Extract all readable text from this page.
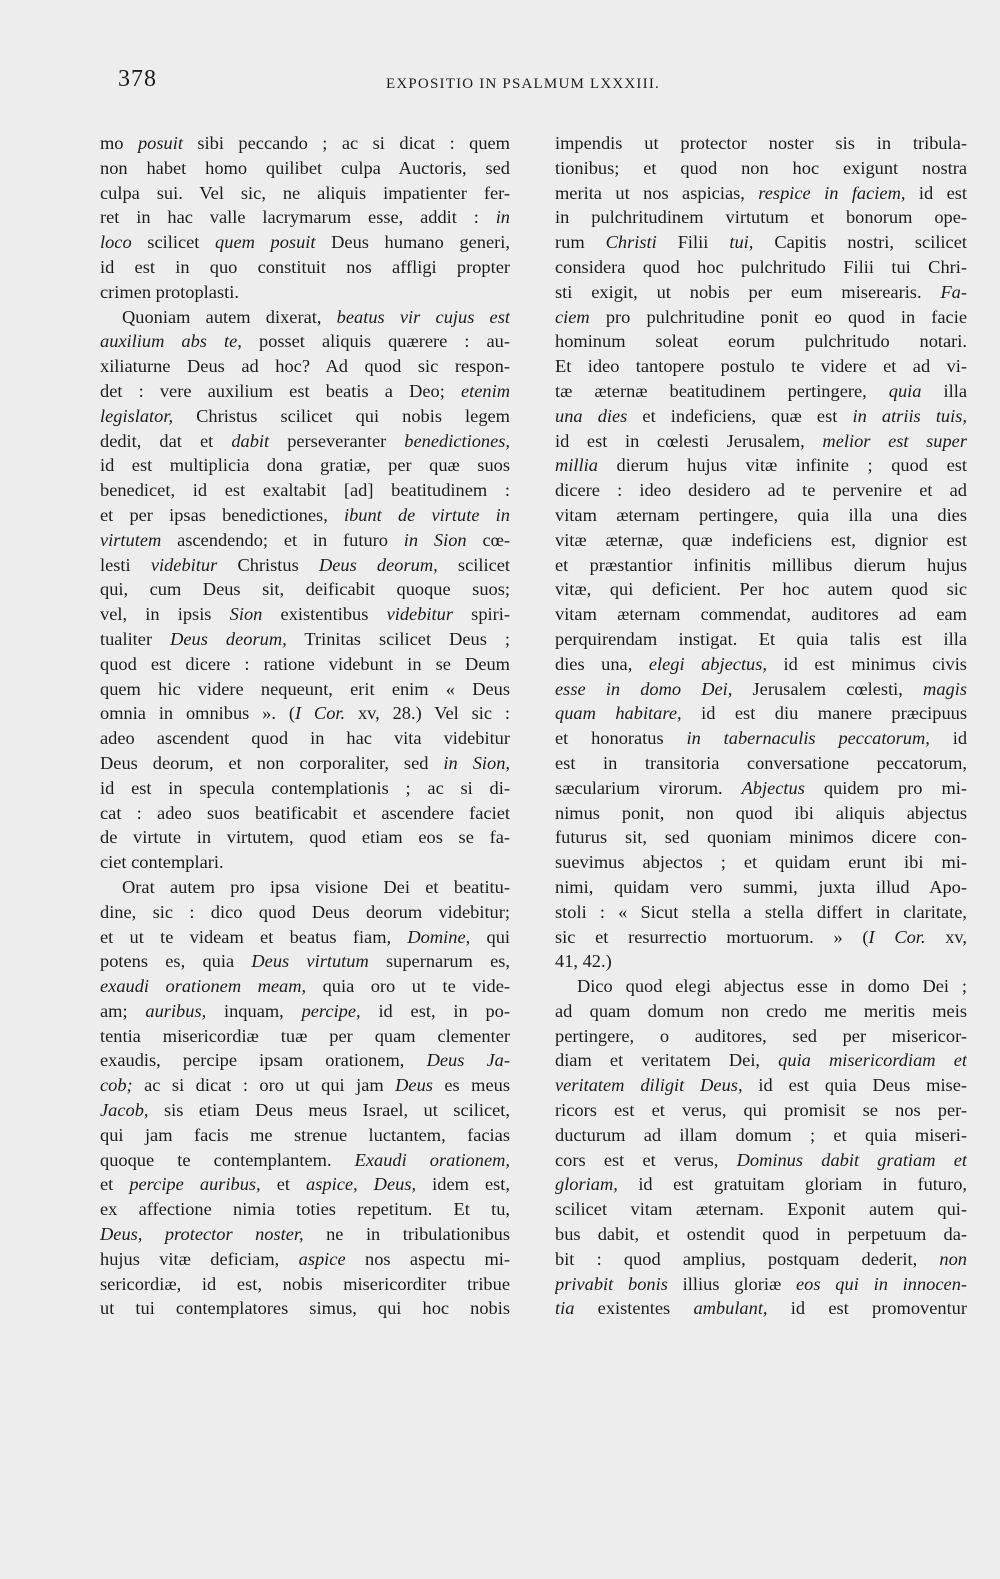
378	EXPOSITIO IN PSALMUM LXXXIII.
mo posuit sibi peccando ; ac si dicat : quem
non habet homo quilibet culpa Auctoris, sed
culpa sui. Vel sic, ne aliquis impatienter fer-
ret in hac valle lacrymarum esse, addit : in
loco scilicet quem posuit Deus humano generi,
id est in quo constituit nos affligi propter
crimen protoplasti.
Quoniam autem dixerat, beatus vir cujus est
auxilium abs te, posset aliquis quærere : au-
xiliaturne Deus ad hoc? Ad quod sic respon-
det : vere auxilium est beatis a Deo; etenim
legislator, Christus scilicet qui nobis legem
dedit, dat et dabit perseveranter benedictiones,
id est multiplicia dona gratiæ, per quæ suos
benedicet, id est exaltabit [ad] beatitudinem :
et per ipsas benedictiones, ibunt de virtute in
virtutem ascendendo; et in futuro in Sion cœ-
lesti videbitur Christus Deus deorum, scilicet
qui, cum Deus sit, deificabit quoque suos;
vel, in ipsis Sion existentibus videbitur spiri-
tualiter Deus deorum, Trinitas scilicet Deus ;
quod est dicere : ratione videbunt in se Deum
quem hic videre nequeunt, erit enim « Deus
omnia in omnibus ». (I Cor. xv, 28.) Vel sic :
adeo ascendent quod in hac vita videbitur
Deus deorum, et non corporaliter, sed in Sion,
id est in specula contemplationis ; ac si di-
cat : adeo suos beatificabit et ascendere faciet
de virtute in virtutem, quod etiam eos se fa-
ciet contemplari.
Orat autem pro ipsa visione Dei et beatitu-
dine, sic : dico quod Deus deorum videbitur;
et ut te videam et beatus fiam, Domine, qui
potens es, quia Deus virtutum supernarum es,
exaudi orationem meam, quia oro ut te vide-
am; auribus, inquam, percipe, id est, in po-
tentia misericordiæ tuæ per quam clementer
exaudis, percipe ipsam orationem, Deus Ja-
cob; ac si dicat : oro ut qui jam Deus es meus
Jacob, sis etiam Deus meus Israel, ut scilicet,
qui jam facis me strenue luctantem, facias
quoque te contemplantem. Exaudi orationem,
et percipe auribus, et aspice, Deus, idem est,
ex affectione nimia toties repetitum. Et tu,
Deus, protector noster, ne in tribulationibus
hujus vitæ deficiam, aspice nos aspectu mi-
sericordiæ, id est, nobis misericorditer tribue
ut tui contemplatores simus, qui hoc nobis
impendis ut protector noster sis in tribula-
tionibus; et quod non hoc exigunt nostra
merita ut nos aspicias, respice in faciem, id est
in pulchritudinem virtutum et bonorum ope-
rum Christi Filii tui, Capitis nostri, scilicet
considera quod hoc pulchritudo Filii tui Chri-
sti exigit, ut nobis per eum miserearis. Fa-
ciem pro pulchritudine ponit eo quod in facie
hominum soleat eorum pulchritudo notari.
Et ideo tantopere postulo te videre et ad vi-
tæ æternæ beatitudinem pertingere, quia illa
una dies et indeficiens, quæ est in atriis tuis,
id est in cœlesti Jerusalem, melior est super
millia dierum hujus vitæ infinite ; quod est
dicere : ideo desidero ad te pervenire et ad
vitam æternam pertingere, quia illa una dies
vitæ æternæ, quæ indeficiens est, dignior est
et præstantior infinitis millibus dierum hujus
vitæ, qui deficient. Per hoc autem quod sic
vitam æternam commendat, auditores ad eam
perquirendam instigat. Et quia talis est illa
dies una, elegi abjectus, id est minimus civis
esse in domo Dei, Jerusalem cœlesti, magis
quam habitare, id est diu manere præcipuus
et honoratus in tabernaculis peccatorum, id
est in transitoria conversatione peccatorum,
sæcularium virorum. Abjectus quidem pro mi-
nimus ponit, non quod ibi aliquis abjectus
futurus sit, sed quoniam minimos dicere con-
suevimus abjectos ; et quidam erunt ibi mi-
nimi, quidam vero summi, juxta illud Apo-
stoli : « Sicut stella a stella differt in claritate,
sic et resurrectio mortuorum. » (I Cor. xv,
41, 42.)
Dico quod elegi abjectus esse in domo Dei ;
ad quam domum non credo me meritis meis
pertingere, o auditores, sed per misericor-
diam et veritatem Dei, quia misericordiam et
veritatem diligit Deus, id est quia Deus mise-
ricors est et verus, qui promisit se nos per-
ducturum ad illam domum ; et quia miseri-
cors est et verus, Dominus dabit gratiam et
gloriam, id est gratuitam gloriam in futuro,
scilicet vitam æternam. Exponit autem qui-
bus dabit, et ostendit quod in perpetuum da-
bit : quod amplius, postquam dederit, non
privabit bonis illius gloriæ eos qui in innocen-
tia existentes ambulant, id est promoventur
